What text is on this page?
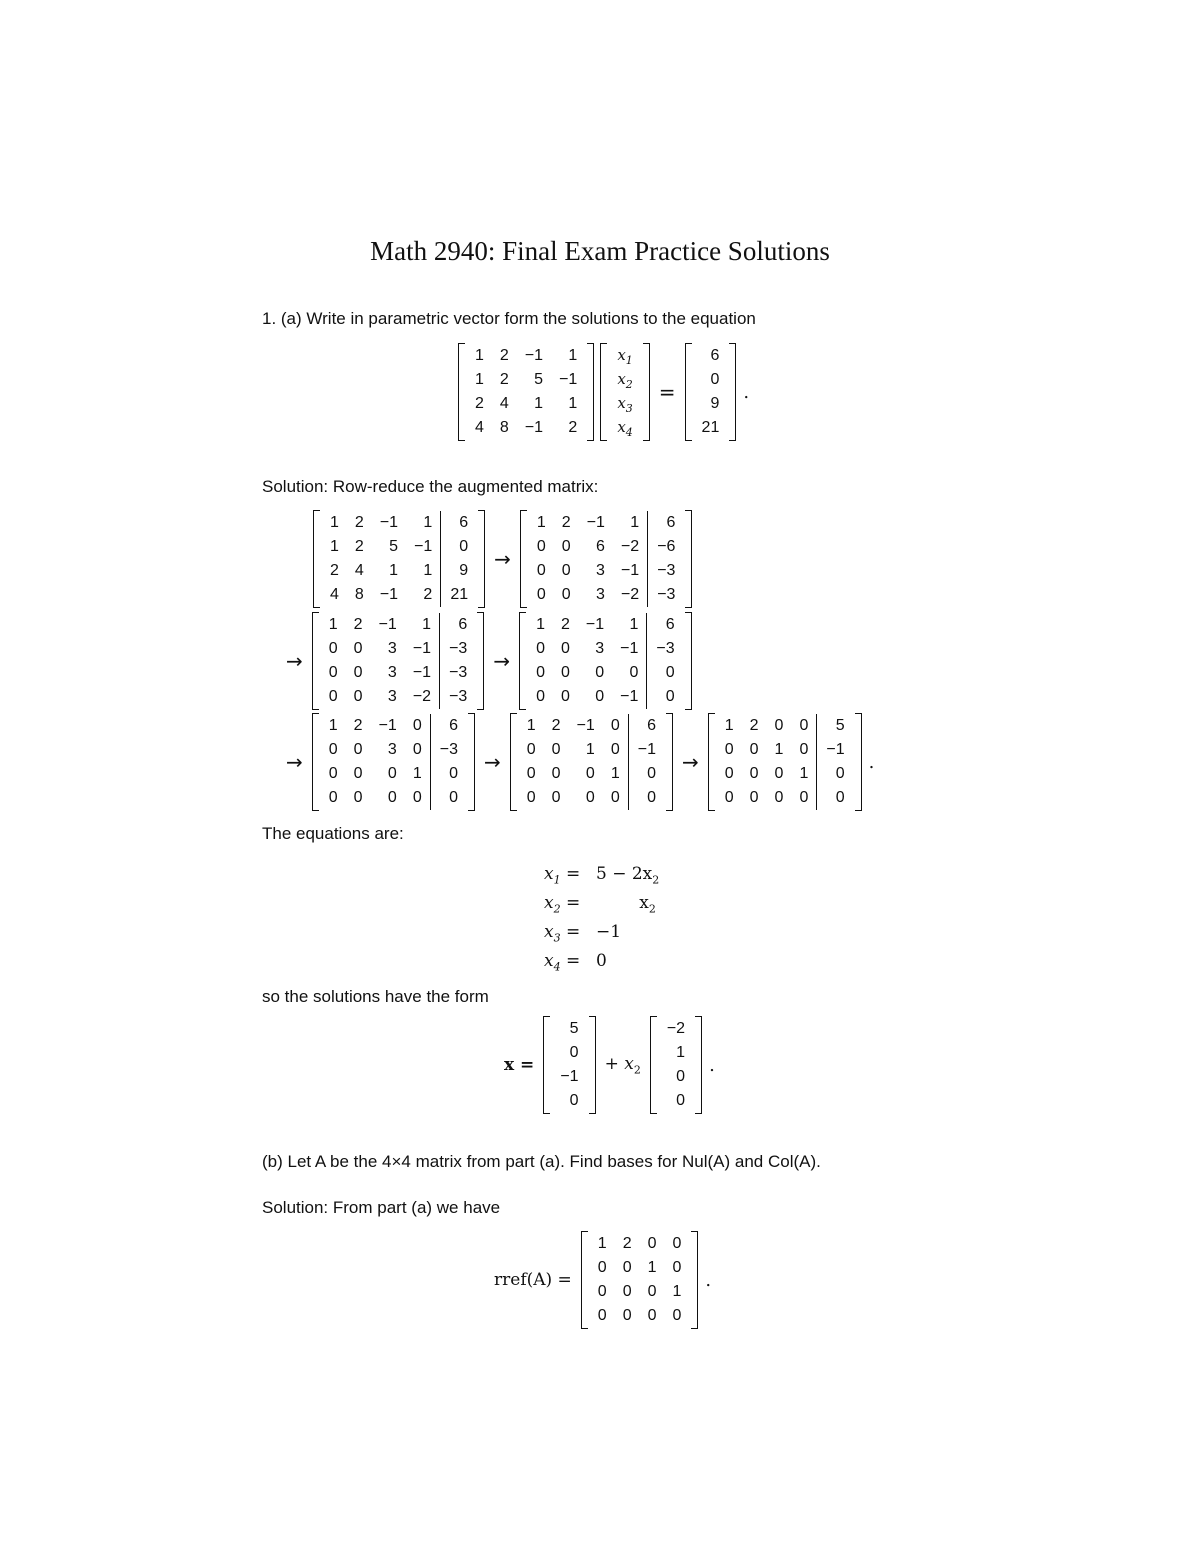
Math 2940: Final Exam Practice Solutions
1. (a) Write in parametric vector form the solutions to the equation
1	2	−1	1
1	2	5	−1
2	4	1	1
4	8	−1	2
$x_1$
$x_2$
$x_3$
$x_4$
=
6
0
9
21
.
Solution: Row-reduce the augmented matrix:
1	2	−1	1	6
1	2	5	−1	0
2	4	1	1	9
4	8	−1	2	21
→
1	2	−1	1	6
0	0	6	−2	−6
0	0	3	−1	−3
0	0	3	−2	−3
→
1	2	−1	1	6
0	0	3	−1	−3
0	0	3	−1	−3
0	0	3	−2	−3
→
1	2	−1	1	6
0	0	3	−1	−3
0	0	0	0	0
0	0	0	−1	0
→
1	2	−1	0	6
0	0	3	0	−3
0	0	0	1	0
0	0	0	0	0
→
1	2	−1	0	6
0	0	1	0	−1
0	0	0	1	0
0	0	0	0	0
→
1	2	0	0	5
0	0	1	0	−1
0	0	0	1	0
0	0	0	0	0
.
The equations are:
$x_1 = 5 - 2x_2$
$x_2 = x_2$
$x_3 = -1$
$x_4 = 0$
so the solutions have the form
x =
5
0
−1
0
+ $x_2$
−2
1
0
0
.
(b) Let A be the 4×4 matrix from part (a). Find bases for Nul(A) and Col(A).
Solution: From part (a) we have
rref(A) =
1	2	0	0
0	0	1	0
0	0	0	1
0	0	0	0
.
